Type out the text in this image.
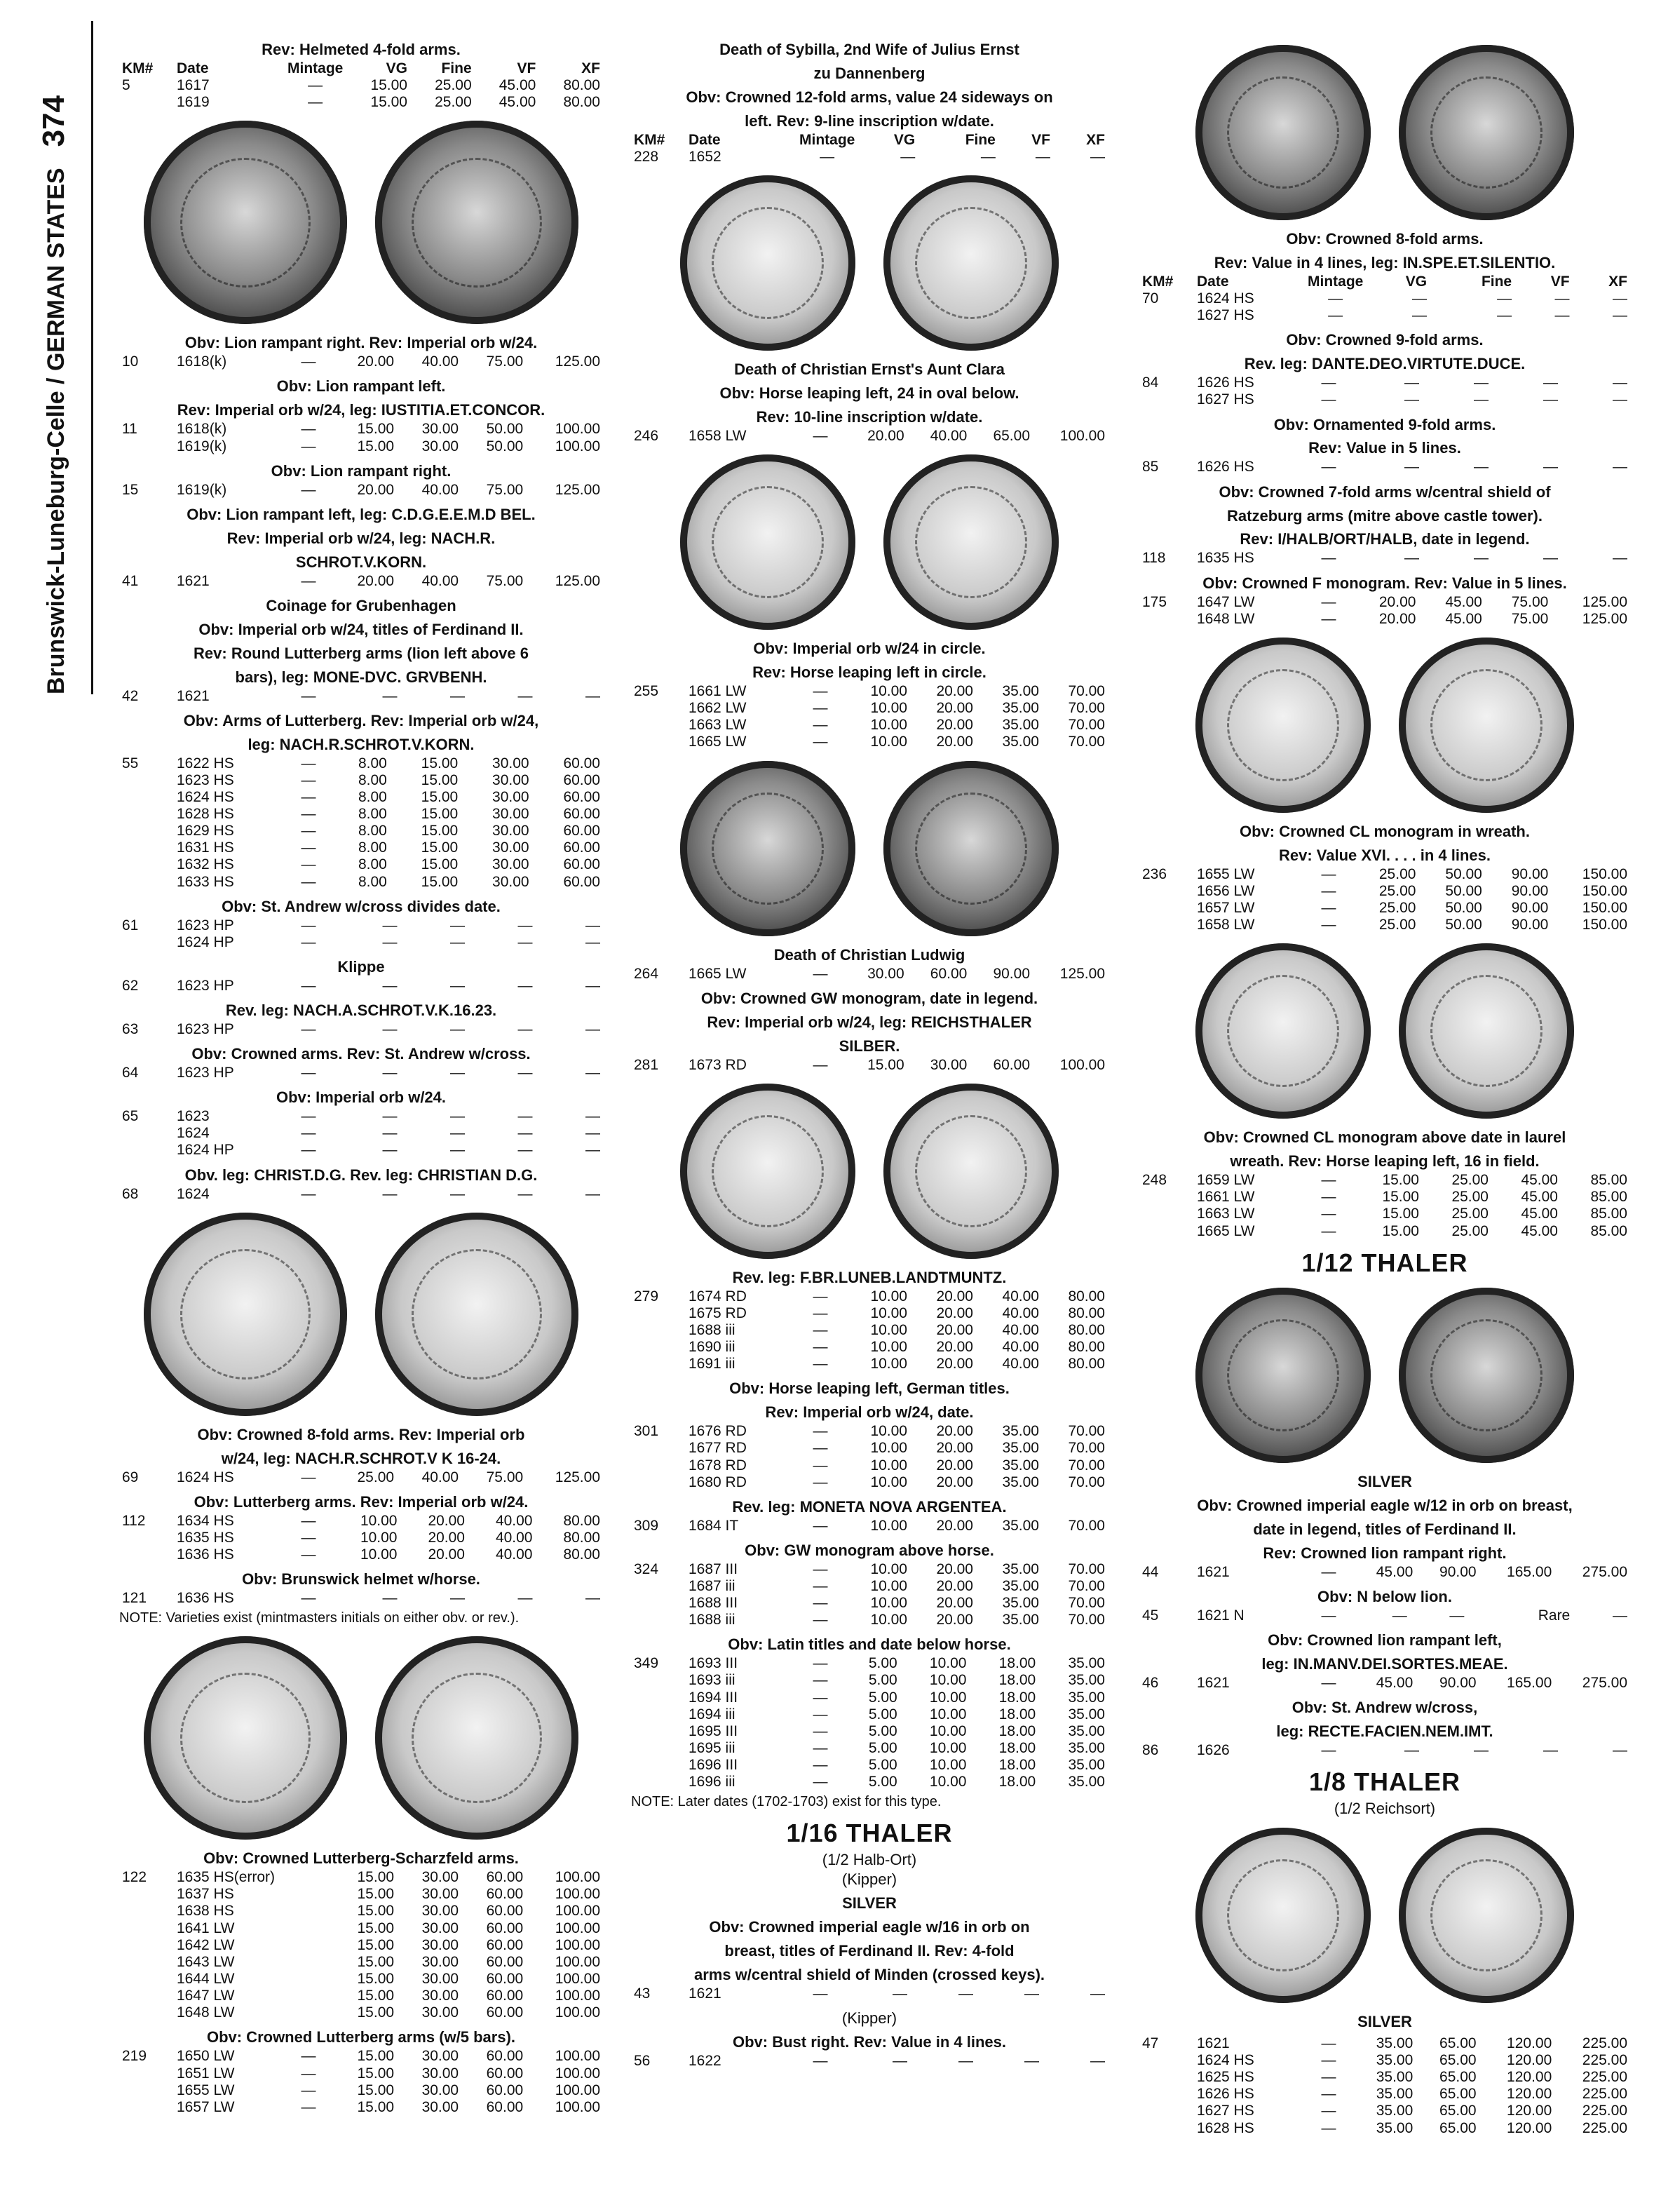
Brunswick-Luneburg-Celle / GERMAN STATES374
Rev: Helmeted 4-fold arms.
KM#	Date	Mintage	VG	Fine	VF	XF
5	1617	—	15.00	25.00	45.00	80.00
	1619	—	15.00	25.00	45.00	80.00
Obv: Lion rampant right. Rev: Imperial orb w/24.
10	1618(k)	—	20.00	40.00	75.00	125.00
Obv: Lion rampant left.
Rev: Imperial orb w/24, leg: IUSTITIA.ET.CONCOR.
11	1618(k)	—	15.00	30.00	50.00	100.00
	1619(k)	—	15.00	30.00	50.00	100.00
Obv: Lion rampant right.
15	1619(k)	—	20.00	40.00	75.00	125.00
Obv: Lion rampant left, leg: C.D.G.E.E.M.D BEL.
Rev: Imperial orb w/24, leg: NACH.R.
SCHROT.V.KORN.
41	1621	—	20.00	40.00	75.00	125.00
Coinage for Grubenhagen
Obv: Imperial orb w/24, titles of Ferdinand II.
Rev: Round Lutterberg arms (lion left above 6
bars), leg: MONE-DVC. GRVBENH.
42	1621	—	—	—	—	—
Obv: Arms of Lutterberg. Rev: Imperial orb w/24,
leg: NACH.R.SCHROT.V.KORN.
55	1622 HS	—	8.00	15.00	30.00	60.00
	1623 HS	—	8.00	15.00	30.00	60.00
	1624 HS	—	8.00	15.00	30.00	60.00
	1628 HS	—	8.00	15.00	30.00	60.00
	1629 HS	—	8.00	15.00	30.00	60.00
	1631 HS	—	8.00	15.00	30.00	60.00
	1632 HS	—	8.00	15.00	30.00	60.00
	1633 HS	—	8.00	15.00	30.00	60.00
Obv: St. Andrew w/cross divides date.
61	1623 HP	—	—	—	—	—
	1624 HP	—	—	—	—	—
Klippe
62	1623 HP	—	—	—	—	—
Rev. leg: NACH.A.SCHROT.V.K.16.23.
63	1623 HP	—	—	—	—	—
Obv: Crowned arms. Rev: St. Andrew w/cross.
64	1623 HP	—	—	—	—	—
Obv: Imperial orb w/24.
65	1623	—	—	—	—	—
	1624	—	—	—	—	—
	1624 HP	—	—	—	—	—
Obv. leg: CHRIST.D.G. Rev. leg: CHRISTIAN D.G.
68	1624	—	—	—	—	—
Obv: Crowned 8-fold arms. Rev: Imperial orb
w/24, leg: NACH.R.SCHROT.V K 16-24.
69	1624 HS	—	25.00	40.00	75.00	125.00
Obv: Lutterberg arms. Rev: Imperial orb w/24.
112	1634 HS	—	10.00	20.00	40.00	80.00
	1635 HS	—	10.00	20.00	40.00	80.00
	1636 HS	—	10.00	20.00	40.00	80.00
Obv: Brunswick helmet w/horse.
121	1636 HS	—	—	—	—	—
NOTE: Varieties exist (mintmasters initials on either obv. or rev.).
Obv: Crowned Lutterberg-Scharzfeld arms.
122	1635 HS(error)		15.00	30.00	60.00	100.00
	1637 HS		15.00	30.00	60.00	100.00
	1638 HS		15.00	30.00	60.00	100.00
	1641 LW		15.00	30.00	60.00	100.00
	1642 LW		15.00	30.00	60.00	100.00
	1643 LW		15.00	30.00	60.00	100.00
	1644 LW		15.00	30.00	60.00	100.00
	1647 LW		15.00	30.00	60.00	100.00
	1648 LW		15.00	30.00	60.00	100.00
Obv: Crowned Lutterberg arms (w/5 bars).
219	1650 LW	—	15.00	30.00	60.00	100.00
	1651 LW	—	15.00	30.00	60.00	100.00
	1655 LW	—	15.00	30.00	60.00	100.00
	1657 LW	—	15.00	30.00	60.00	100.00
Death of Sybilla, 2nd Wife of Julius Ernst
zu Dannenberg
Obv: Crowned 12-fold arms, value 24 sideways on
left. Rev: 9-line inscription w/date.
KM#	Date	Mintage	VG	Fine	VF	XF
228	1652	—	—	—	—	—
Death of Christian Ernst's Aunt Clara
Obv: Horse leaping left, 24 in oval below.
Rev: 10-line inscription w/date.
246	1658 LW	—	20.00	40.00	65.00	100.00
Obv: Imperial orb w/24 in circle.
Rev: Horse leaping left in circle.
255	1661 LW	—	10.00	20.00	35.00	70.00
	1662 LW	—	10.00	20.00	35.00	70.00
	1663 LW	—	10.00	20.00	35.00	70.00
	1665 LW	—	10.00	20.00	35.00	70.00
Death of Christian Ludwig
264	1665 LW	—	30.00	60.00	90.00	125.00
Obv: Crowned GW monogram, date in legend.
Rev: Imperial orb w/24, leg: REICHSTHALER
SILBER.
281	1673 RD	—	15.00	30.00	60.00	100.00
Rev. leg: F.BR.LUNEB.LANDTMUNTZ.
279	1674 RD	—	10.00	20.00	40.00	80.00
	1675 RD	—	10.00	20.00	40.00	80.00
	1688 iii	—	10.00	20.00	40.00	80.00
	1690 iii	—	10.00	20.00	40.00	80.00
	1691 iii	—	10.00	20.00	40.00	80.00
Obv: Horse leaping left, German titles.
Rev: Imperial orb w/24, date.
301	1676 RD	—	10.00	20.00	35.00	70.00
	1677 RD	—	10.00	20.00	35.00	70.00
	1678 RD	—	10.00	20.00	35.00	70.00
	1680 RD	—	10.00	20.00	35.00	70.00
Rev. leg: MONETA NOVA ARGENTEA.
309	1684 IT	—	10.00	20.00	35.00	70.00
Obv: GW monogram above horse.
324	1687 III	—	10.00	20.00	35.00	70.00
	1687 iii	—	10.00	20.00	35.00	70.00
	1688 III	—	10.00	20.00	35.00	70.00
	1688 iii	—	10.00	20.00	35.00	70.00
Obv: Latin titles and date below horse.
349	1693 III	—	5.00	10.00	18.00	35.00
	1693 iii	—	5.00	10.00	18.00	35.00
	1694 III	—	5.00	10.00	18.00	35.00
	1694 iii	—	5.00	10.00	18.00	35.00
	1695 III	—	5.00	10.00	18.00	35.00
	1695 iii	—	5.00	10.00	18.00	35.00
	1696 III	—	5.00	10.00	18.00	35.00
	1696 iii	—	5.00	10.00	18.00	35.00
NOTE: Later dates (1702-1703) exist for this type.
1/16 THALER
(1/2 Halb-Ort)
(Kipper)
SILVER
Obv: Crowned imperial eagle w/16 in orb on
breast, titles of Ferdinand II. Rev: 4-fold
arms w/central shield of Minden (crossed keys).
43	1621	—	—	—	—	—
(Kipper)
Obv: Bust right. Rev: Value in 4 lines.
56	1622	—	—	—	—	—
Obv: Crowned 8-fold arms.
Rev: Value in 4 lines, leg: IN.SPE.ET.SILENTIO.
KM#	Date	Mintage	VG	Fine	VF	XF
70	1624 HS	—	—	—	—	—
	1627 HS	—	—	—	—	—
Obv: Crowned 9-fold arms.
Rev. leg: DANTE.DEO.VIRTUTE.DUCE.
84	1626 HS	—	—	—	—	—
	1627 HS	—	—	—	—	—
Obv: Ornamented 9-fold arms.
Rev: Value in 5 lines.
85	1626 HS	—	—	—	—	—
Obv: Crowned 7-fold arms w/central shield of
Ratzeburg arms (mitre above castle tower).
Rev: I/HALB/ORT/HALB, date in legend.
118	1635 HS	—	—	—	—	—
Obv: Crowned F monogram. Rev: Value in 5 lines.
175	1647 LW	—	20.00	45.00	75.00	125.00
	1648 LW	—	20.00	45.00	75.00	125.00
Obv: Crowned CL monogram in wreath.
Rev: Value XVI. . . . in 4 lines.
236	1655 LW	—	25.00	50.00	90.00	150.00
	1656 LW	—	25.00	50.00	90.00	150.00
	1657 LW	—	25.00	50.00	90.00	150.00
	1658 LW	—	25.00	50.00	90.00	150.00
Obv: Crowned CL monogram above date in laurel
wreath. Rev: Horse leaping left, 16 in field.
248	1659 LW	—	15.00	25.00	45.00	85.00
	1661 LW	—	15.00	25.00	45.00	85.00
	1663 LW	—	15.00	25.00	45.00	85.00
	1665 LW	—	15.00	25.00	45.00	85.00
1/12 THALER
SILVER
Obv: Crowned imperial eagle w/12 in orb on breast,
date in legend, titles of Ferdinand II.
Rev: Crowned lion rampant right.
44	1621	—	45.00	90.00	165.00	275.00
Obv: N below lion.
45	1621 N	—	—	—	Rare	—
Obv: Crowned lion rampant left,
leg: IN.MANV.DEI.SORTES.MEAE.
46	1621	—	45.00	90.00	165.00	275.00
Obv: St. Andrew w/cross,
leg: RECTE.FACIEN.NEM.IMT.
86	1626	—	—	—	—	—
1/8 THALER
(1/2 Reichsort)
SILVER
47	1621	—	35.00	65.00	120.00	225.00
	1624 HS	—	35.00	65.00	120.00	225.00
	1625 HS	—	35.00	65.00	120.00	225.00
	1626 HS	—	35.00	65.00	120.00	225.00
	1627 HS	—	35.00	65.00	120.00	225.00
	1628 HS	—	35.00	65.00	120.00	225.00
